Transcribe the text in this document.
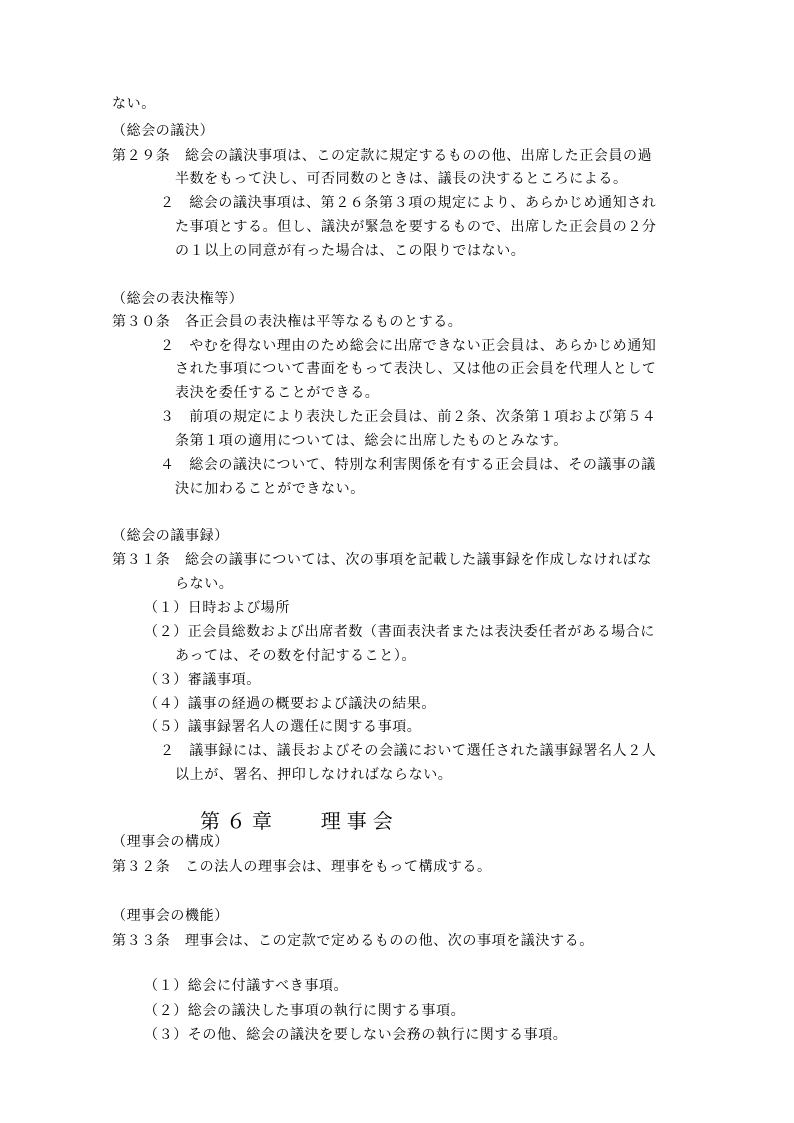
ない。
（総会の議決）
第２９条　総会の議決事項は、この定款に規定するものの他、出席した正会員の過
半数をもって決し、可否同数のときは、議長の決するところによる。
２　総会の議決事項は、第２６条第３項の規定により、あらかじめ通知され
た事項とする。但し、議決が緊急を要するもので、出席した正会員の２分
の１以上の同意が有った場合は、この限りではない。
（総会の表決権等）
第３０条　各正会員の表決権は平等なるものとする。
２　やむを得ない理由のため総会に出席できない正会員は、あらかじめ通知
された事項について書面をもって表決し、又は他の正会員を代理人として
表決を委任することができる。
３　前項の規定により表決した正会員は、前２条、次条第１項および第５４
条第１項の適用については、総会に出席したものとみなす。
４　総会の議決について、特別な利害関係を有する正会員は、その議事の議
決に加わることができない。
（総会の議事録）
第３１条　総会の議事については、次の事項を記載した議事録を作成しなければな
らない。
（１）日時および場所
（２）正会員総数および出席者数（書面表決者または表決委任者がある場合に
あっては、その数を付記すること）。
（３）審議事項。
（４）議事の経過の概要および議決の結果。
（５）議事録署名人の選任に関する事項。
２　議事録には、議長およびその会議において選任された議事録署名人２人
以上が、署名、押印しなければならない。
第６章 理事会
（理事会の構成）
第３２条　この法人の理事会は、理事をもって構成する。
（理事会の機能）
第３３条　理事会は、この定款で定めるものの他、次の事項を議決する。
（１）総会に付議すべき事項。
（２）総会の議決した事項の執行に関する事項。
（３）その他、総会の議決を要しない会務の執行に関する事項。
